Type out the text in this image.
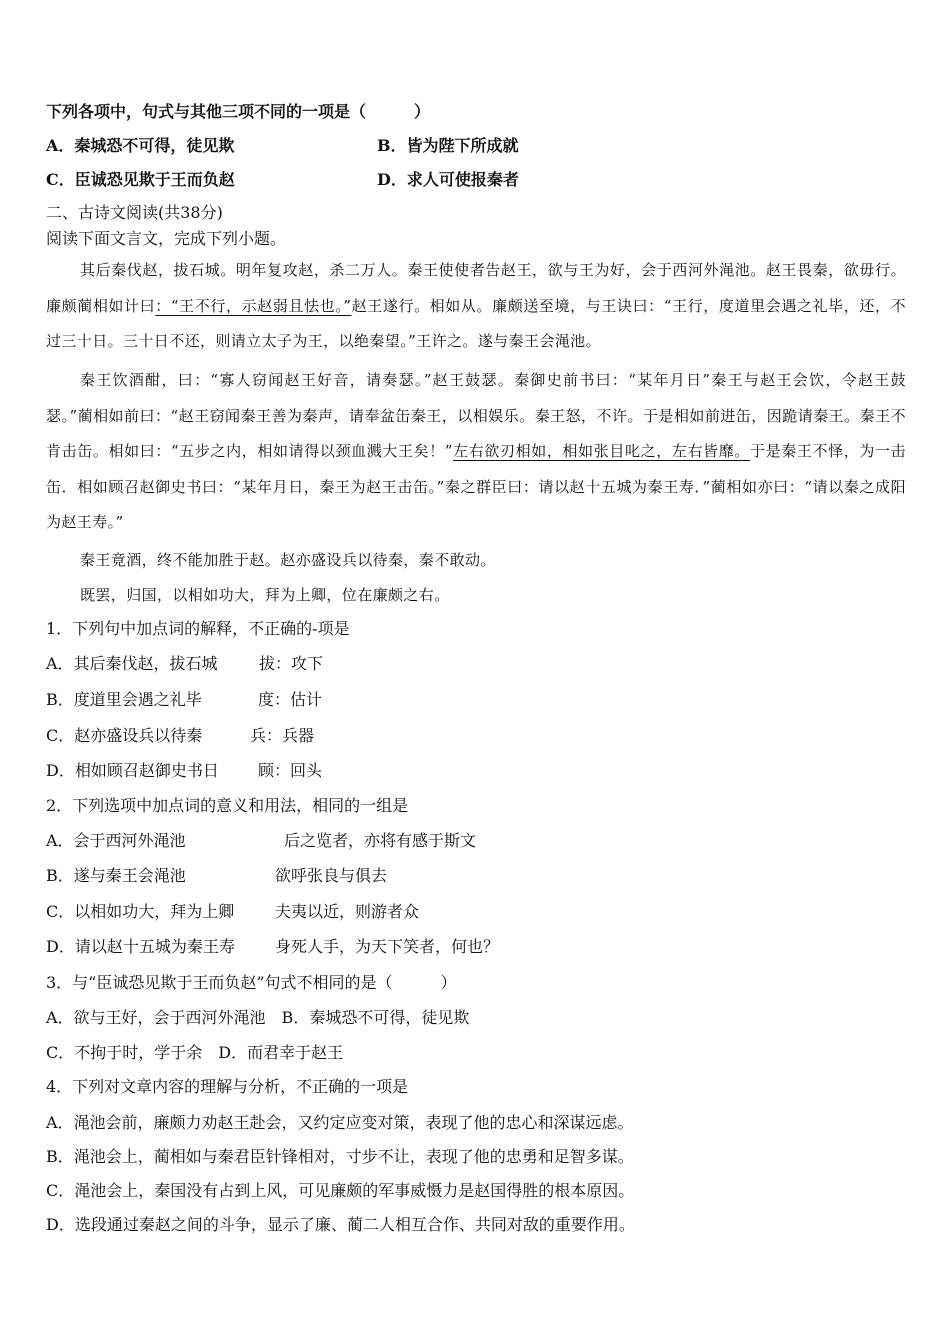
下列各项中，句式与其他三项不同的一项是（　　　）
A．秦城恐不可得，徒见欺	B．皆为陛下所成就
C．臣诚恐见欺于王而负赵	D．求人可使报秦者
二、古诗文阅读(共38分)
阅读下面文言文，完成下列小题。
其后秦伐赵，拔石城。明年复攻赵，杀二万人。秦王使使者告赵王，欲与王为好，会于西河外渑池。赵王畏秦，欲毋行。廉颇蔺相如计曰：“王不行，示赵弱且怯也。”赵王遂行。相如从。廉颇送至境，与王诀曰：“王行，度道里会遇之礼毕，还，不过三十日。三十日不还，则请立太子为王，以绝秦望。”王许之。遂与秦王会渑池。
秦王饮酒酣，曰：“寡人窃闻赵王好音，请奏瑟。”赵王鼓瑟。秦御史前书曰：“某年月日”秦王与赵王会饮，令赵王鼓瑟。”蔺相如前曰：“赵王窃闻秦王善为秦声，请奉盆缶秦王，以相娱乐。秦王怒，不许。于是相如前进缶，因跪请秦王。秦王不肯击缶。相如曰：“五步之内，相如请得以颈血溅大王矣！”左右欲刃相如，相如张目叱之，左右皆靡。于是秦王不怿，为一击缶．相如顾召赵御史书曰：“某年月日，秦王为赵王击缶。”秦之群臣曰：请以赵十五城为秦王寿．”蔺相如亦曰：“请以秦之成阳为赵王寿。”
秦王竟酒，终不能加胜于赵。赵亦盛设兵以待秦，秦不敢动。
既罢，归国，以相如功大，拜为上卿，位在廉颇之右。
1．下列句中加点词的解释，不正确的-项是
A．其后秦伐赵，拔石城	拔：攻下
B．度道里会遇之礼毕	度：估计
C．赵亦盛设兵以待秦	兵：兵器
D．相如顾召赵御史书日 顾：回头
2．下列选项中加点词的意义和用法，相同的一组是
A．会于西河外渑池	后之览者，亦将有感于斯文
B．遂与秦王会渑池	欲呼张良与俱去
C．以相如功大，拜为上卿	夫夷以近，则游者众
D．请以赵十五城为秦王寿	身死人手，为天下笑者，何也？
3．与“臣诚恐见欺于王而负赵”句式不相同的是（　　　）
A．欲与王好，会于西河外渑池　B．秦城恐不可得，徒见欺
C．不拘于时，学于余　D．而君幸于赵王
4．下列对文章内容的理解与分析，不正确的一项是
A．渑池会前，廉颇力劝赵王赴会，又约定应变对策，表现了他的忠心和深谋远虑。
B．渑池会上，蔺相如与秦君臣针锋相对，寸步不让，表现了他的忠勇和足智多谋。
C．渑池会上，秦国没有占到上风，可见廉颇的军事威慑力是赵国得胜的根本原因。
D．选段通过秦赵之间的斗争，显示了廉、蔺二人相互合作、共同对敌的重要作用。
